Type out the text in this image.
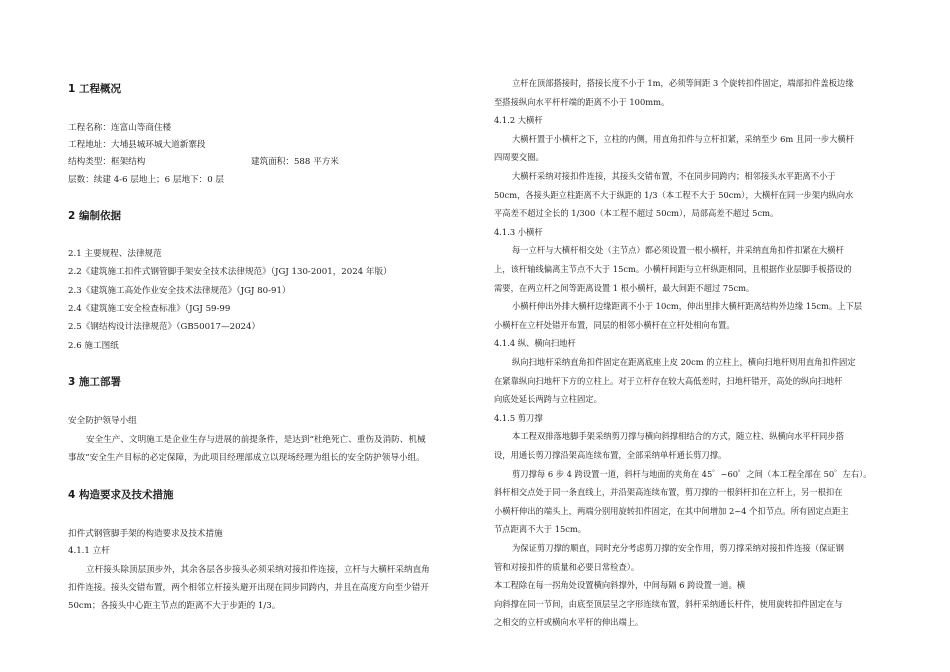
1 工程概况
工程名称：连富山等商住楼
工程地址：大埔县城环城大道新寨段
结构类型：框架结构	建筑面积：588 平方米
层数：续建 4-6 层地上；6 层地下：0 层
2 编制依据
2.1 主要规程、法律规范
2.2《建筑施工扣件式钢管脚手架安全技术法律规范》（JGJ 130-2001，2024 年版）
2.3《建筑施工高处作业安全技术法律规范》（JGJ 80-91）
2.4《建筑施工安全检查标准》（JGJ 59-99
2.5《钢结构设计法律规范》（GB50017—2024）
2.6 施工图纸
3 施工部署
安全防护领导小组
安全生产、文明施工是企业生存与进展的前提条件，是达到“杜绝死亡、重伤及消防、机械
事故”安全生产目标的必定保障，为此项目经理部成立以现场经理为组长的安全防护领导小组。
4 构造要求及技术措施
扣件式钢管脚手架的构造要求及技术措施
4.1.1 立杆
立杆接头除顶层顶步外，其余各层各步接头必须采纳对接扣件连接，立杆与大横杆采纳直角
扣件连接。接头交错布置，两个相邻立杆接头避开出现在同步同跨内，并且在高度方向至少错开
50cm；各接头中心距主节点的距离不大于步距的 1/3。
立杆在顶部搭接时，搭接长度不小于 1m，必须等间距 3 个旋转扣件固定，端部扣件盖板边缘
至搭接纵向水平杆杆端的距离不小于 100mm。
4.1.2 大横杆
大横杆置于小横杆之下，立柱的内侧，用直角扣件与立杆扣紧，采纳至少 6m 且同一步大横杆
四周要交圈。
大横杆采纳对接扣件连接，其接头交错布置，不在同步同跨内；相邻接头水平距离不小于
50cm，各接头距立柱距离不大于纵距的 1/3（本工程不大于 50cm），大横杆在同一步架内纵向水
平高差不超过全长的 1/300（本工程不超过 50cm），局部高差不超过 5cm。
4.1.3 小横杆
每一立杆与大横杆相交处（主节点）都必须设置一根小横杆，并采纳直角扣件扣紧在大横杆
上，该杆轴线偏离主节点不大于 15cm。小横杆间距与立杆纵距相同，且根据作业层脚手板搭设的
需要，在两立杆之间等距离设置 1 根小横杆，最大间距不超过 75cm。
小横杆伸出外排大横杆边缘距离不小于 10cm，伸出里排大横杆距离结构外边缘 15cm。上下层
小横杆在立杆处错开布置，同层的相邻小横杆在立杆处相向布置。
4.1.4 纵、横向扫地杆
纵向扫地杆采纳直角扣件固定在距离底座上皮 20cm 的立柱上，横向扫地杆则用直角扣件固定
在紧靠纵向扫地杆下方的立柱上。对于立杆存在较大高低差时，扫地杆错开，高处的纵向扫地杆
向底处延长两跨与立柱固定。
4.1.5 剪刀撑
本工程双排落地脚手架采纳剪刀撑与横向斜撑相结合的方式，随立柱、纵横向水平杆同步搭
设，用通长剪刀撑沿架高连续布置，全部采纳单杆通长剪刀撑。
剪刀撑每 6 步 4 跨设置一道，斜杆与地面的夹角在 45゜~60゜之间（本工程全部在 50゜左右）。
斜杆相交点处于同一条直线上，并沿架高连续布置，剪刀撑的一根斜杆扣在立杆上，另一根扣在
小横杆伸出的端头上，两端分别用旋转扣件固定，在其中间增加 2~4 个扣节点。所有固定点距主
节点距离不大于 15cm。
为保证剪刀撑的顺直，同时充分考虑剪刀撑的安全作用，剪刀撑采纳对接扣件连接（保证钢
管和对接扣件的质量和必要日常检查）。
本工程除在每一拐角处设置横向斜撑外，中间每隔 6 跨设置一道。横
向斜撑在同一节间，由底至顶层呈之字形连续布置，斜杆采纳通长杆件，使用旋转扣件固定在与
之相交的立杆或横向水平杆的伸出端上。
